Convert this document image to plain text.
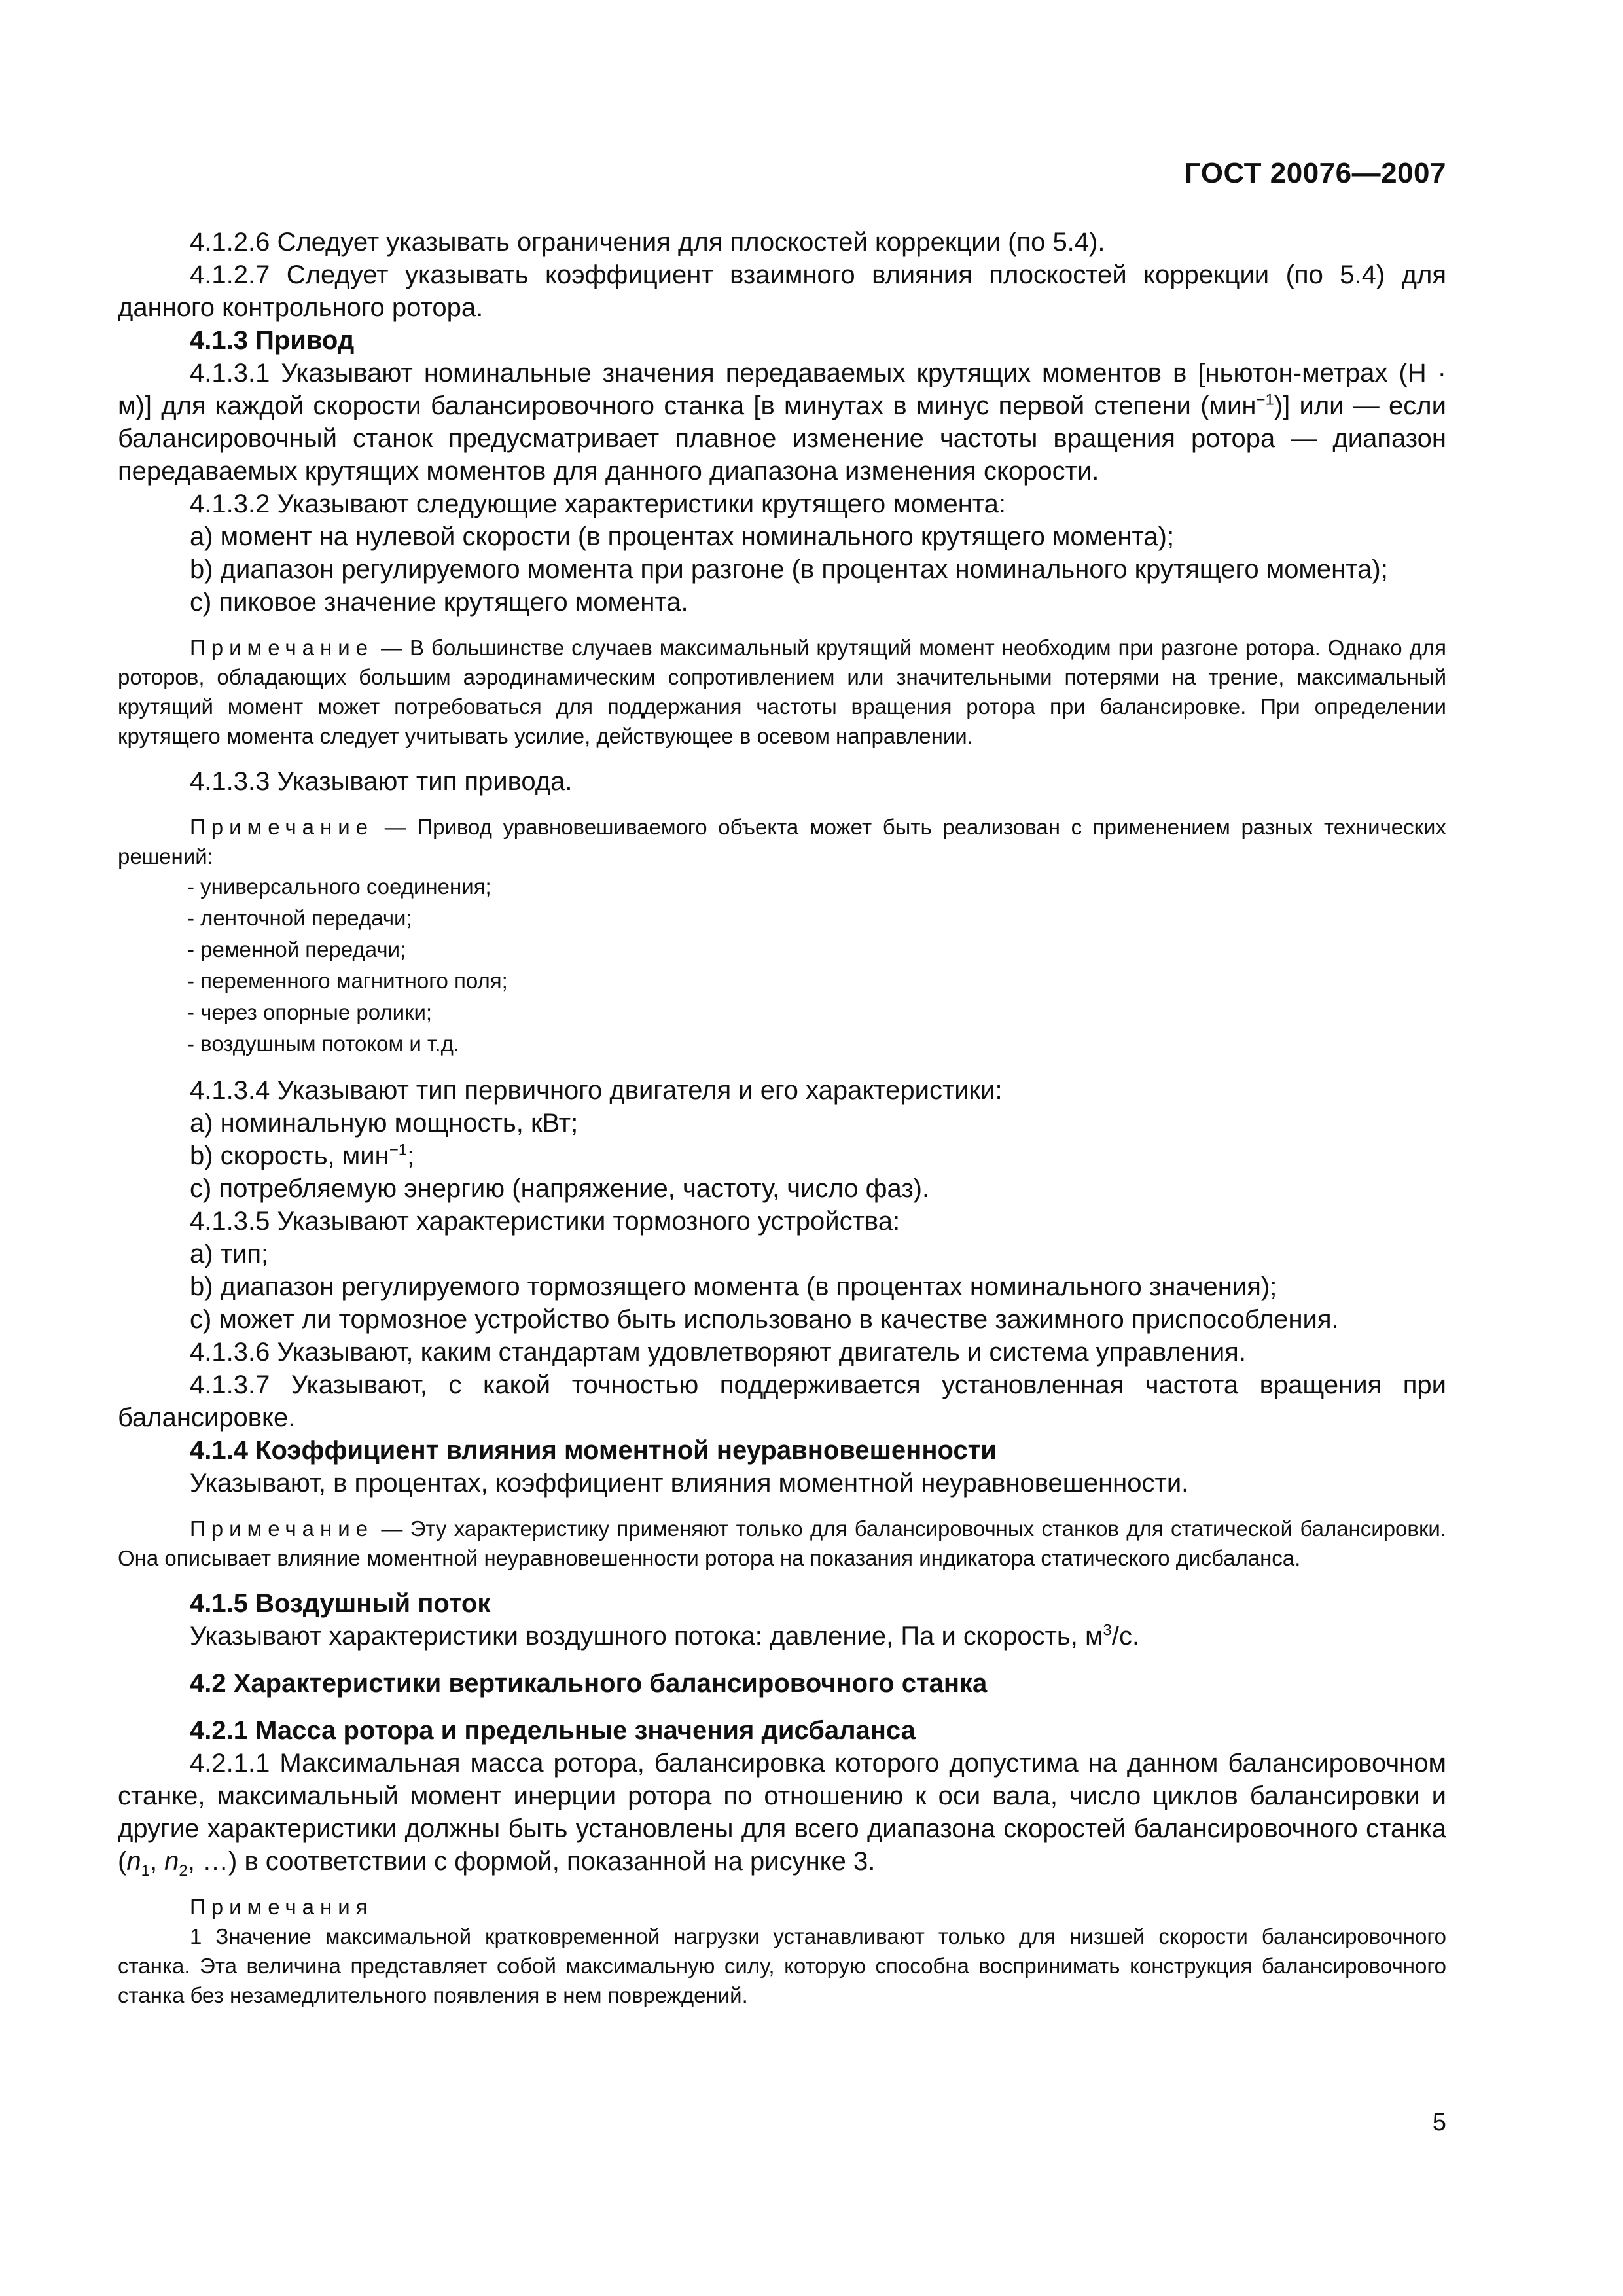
ГОСТ 20076—2007

4.1.2.6 Следует указывать ограничения для плоскостей коррекции (по 5.4).

4.1.2.7 Следует указывать коэффициент взаимного влияния плоскостей коррекции (по 5.4) для данного контрольного ротора.

4.1.3 Привод

4.1.3.1 Указывают номинальные значения передаваемых крутящих моментов в [ньютон-метрах (Н · м)] для каждой скорости балансировочного станка [в минутах в минус первой степени (мин$^{-1}$)] или — если балансировочный станок предусматривает плавное изменение частоты вращения ротора — диапазон передаваемых крутящих моментов для данного диапазона изменения скорости.

4.1.3.2 Указывают следующие характеристики крутящего момента:

a) момент на нулевой скорости (в процентах номинального крутящего момента);

b) диапазон регулируемого момента при разгоне (в процентах номинального крутящего момента);

c) пиковое значение крутящего момента.

Примечание — В большинстве случаев максимальный крутящий момент необходим при разгоне ротора. Однако для роторов, обладающих большим аэродинамическим сопротивлением или значительными потерями на трение, максимальный крутящий момент может потребоваться для поддержания частоты вращения ротора при балансировке. При определении крутящего момента следует учитывать усилие, действующее в осевом направлении.

4.1.3.3 Указывают тип привода.

Примечание — Привод уравновешиваемого объекта может быть реализован с применением разных технических решений:

- универсального соединения;

- ленточной передачи;

- ременной передачи;

- переменного магнитного поля;

- через опорные ролики;

- воздушным потоком и т.д.

4.1.3.4 Указывают тип первичного двигателя и его характеристики:

a) номинальную мощность, кВт;

b) скорость, мин$^{-1}$;

c) потребляемую энергию (напряжение, частоту, число фаз).

4.1.3.5 Указывают характеристики тормозного устройства:

a) тип;

b) диапазон регулируемого тормозящего момента (в процентах номинального значения);

c) может ли тормозное устройство быть использовано в качестве зажимного приспособления.

4.1.3.6 Указывают, каким стандартам удовлетворяют двигатель и система управления.

4.1.3.7 Указывают, с какой точностью поддерживается установленная частота вращения при балансировке.

4.1.4 Коэффициент влияния моментной неуравновешенности

Указывают, в процентах, коэффициент влияния моментной неуравновешенности.

Примечание — Эту характеристику применяют только для балансировочных станков для статической балансировки. Она описывает влияние моментной неуравновешенности ротора на показания индикатора статического дисбаланса.

4.1.5 Воздушный поток

Указывают характеристики воздушного потока: давление, Па и скорость, $м^3/с$.

4.2 Характеристики вертикального балансировочного станка

4.2.1 Масса ротора и предельные значения дисбаланса

4.2.1.1 Максимальная масса ротора, балансировка которого допустима на данном балансировочном станке, максимальный момент инерции ротора по отношению к оси вала, число циклов балансировки и другие характеристики должны быть установлены для всего диапазона скоростей балансировочного станка ($n_1$, $n_2$, …) в соответствии с формой, показанной на рисунке 3.

Примечания

1 Значение максимальной кратковременной нагрузки устанавливают только для низшей скорости балансировочного станка. Эта величина представляет собой максимальную силу, которую способна воспринимать конструкция балансировочного станка без незамедлительного появления в нем повреждений.

5
